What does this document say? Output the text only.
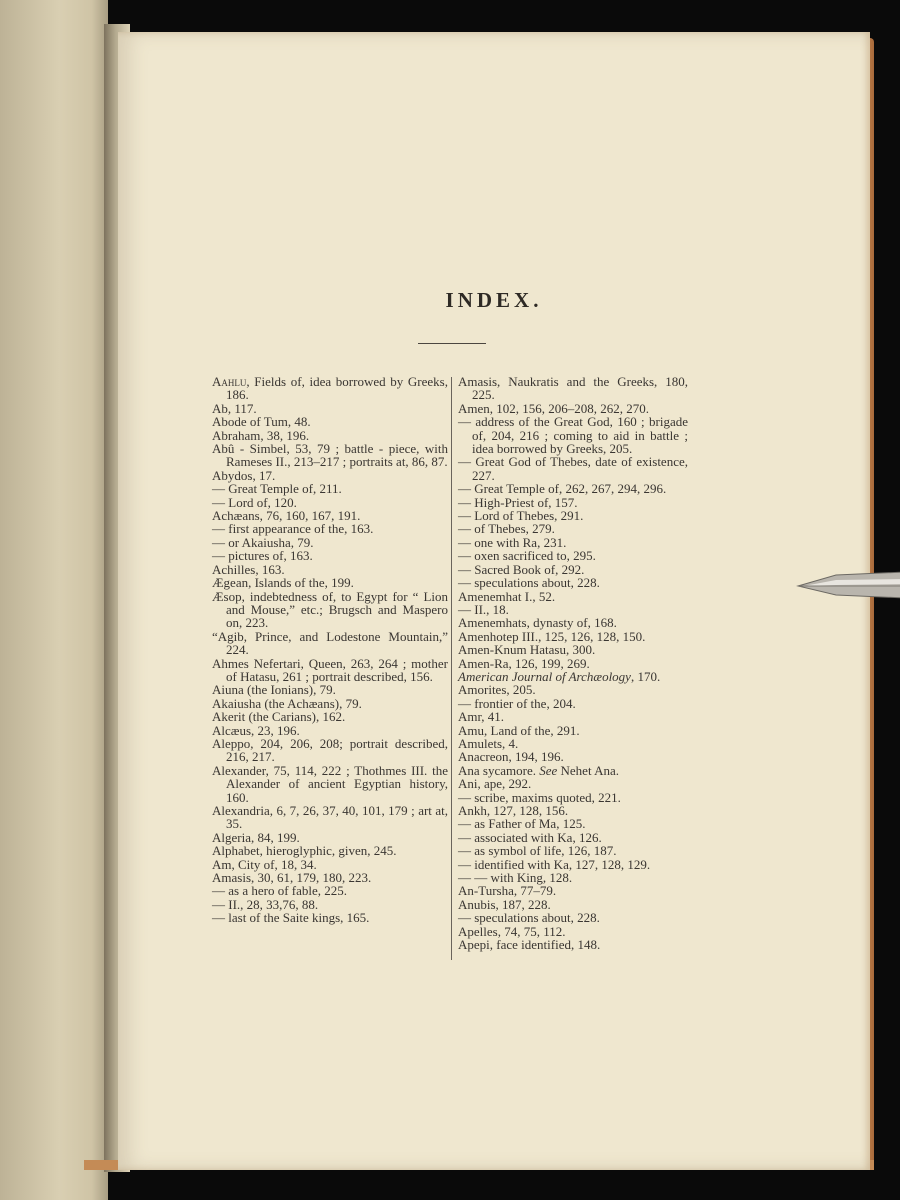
INDEX.

Aahlu, Fields of, idea borrowed by Greeks, 186.

Ab, 117.

Abode of Tum, 48.

Abraham, 38, 196.

Abû - Simbel, 53, 79 ; battle - piece, with Rameses II., 213–217 ; portraits at, 86, 87.

Abydos, 17.

— Great Temple of, 211.

— Lord of, 120.

Achæans, 76, 160, 167, 191.

— first appearance of the, 163.

— or Akaiusha, 79.

— pictures of, 163.

Achilles, 163.

Ægean, Islands of the, 199.

Æsop, indebtedness of, to Egypt for “ Lion and Mouse,” etc.; Brugsch and Maspero on, 223.

“Agib, Prince, and Lodestone Mountain,” 224.

Ahmes Nefertari, Queen, 263, 264 ; mother of Hatasu, 261 ; portrait described, 156.

Aiuna (the Ionians), 79.

Akaiusha (the Achæans), 79.

Akerit (the Carians), 162.

Alcæus, 23, 196.

Aleppo, 204, 206, 208; portrait described, 216, 217.

Alexander, 75, 114, 222 ; Thothmes III. the Alexander of ancient Egyptian history, 160.

Alexandria, 6, 7, 26, 37, 40, 101, 179 ; art at, 35.

Algeria, 84, 199.

Alphabet, hieroglyphic, given, 245.

Am, City of, 18, 34.

Amasis, 30, 61, 179, 180, 223.

— as a hero of fable, 225.

— II., 28, 33,76, 88.

— last of the Saite kings, 165.

Amasis, Naukratis and the Greeks, 180, 225.

Amen, 102, 156, 206–208, 262, 270.

— address of the Great God, 160 ; brigade of, 204, 216 ; coming to aid in battle ; idea borrowed by Greeks, 205.

— Great God of Thebes, date of existence, 227.

— Great Temple of, 262, 267, 294, 296.

— High-Priest of, 157.

— Lord of Thebes, 291.

— of Thebes, 279.

— one with Ra, 231.

— oxen sacrificed to, 295.

— Sacred Book of, 292.

— speculations about, 228.

Amenemhat I., 52.

— II., 18.

Amenemhats, dynasty of, 168.

Amenhotep III., 125, 126, 128, 150.

Amen-Knum Hatasu, 300.

Amen-Ra, 126, 199, 269.

American Journal of Archæology, 170.

Amorites, 205.

— frontier of the, 204.

Amr, 41.

Amu, Land of the, 291.

Amulets, 4.

Anacreon, 194, 196.

Ana sycamore. See Nehet Ana.

Ani, ape, 292.

— scribe, maxims quoted, 221.

Ankh, 127, 128, 156.

— as Father of Ma, 125.

— associated with Ka, 126.

— as symbol of life, 126, 187.

— identified with Ka, 127, 128, 129.

— — with King, 128.

An-Tursha, 77–79.

Anubis, 187, 228.

— speculations about, 228.

Apelles, 74, 75, 112.

Apepi, face identified, 148.
